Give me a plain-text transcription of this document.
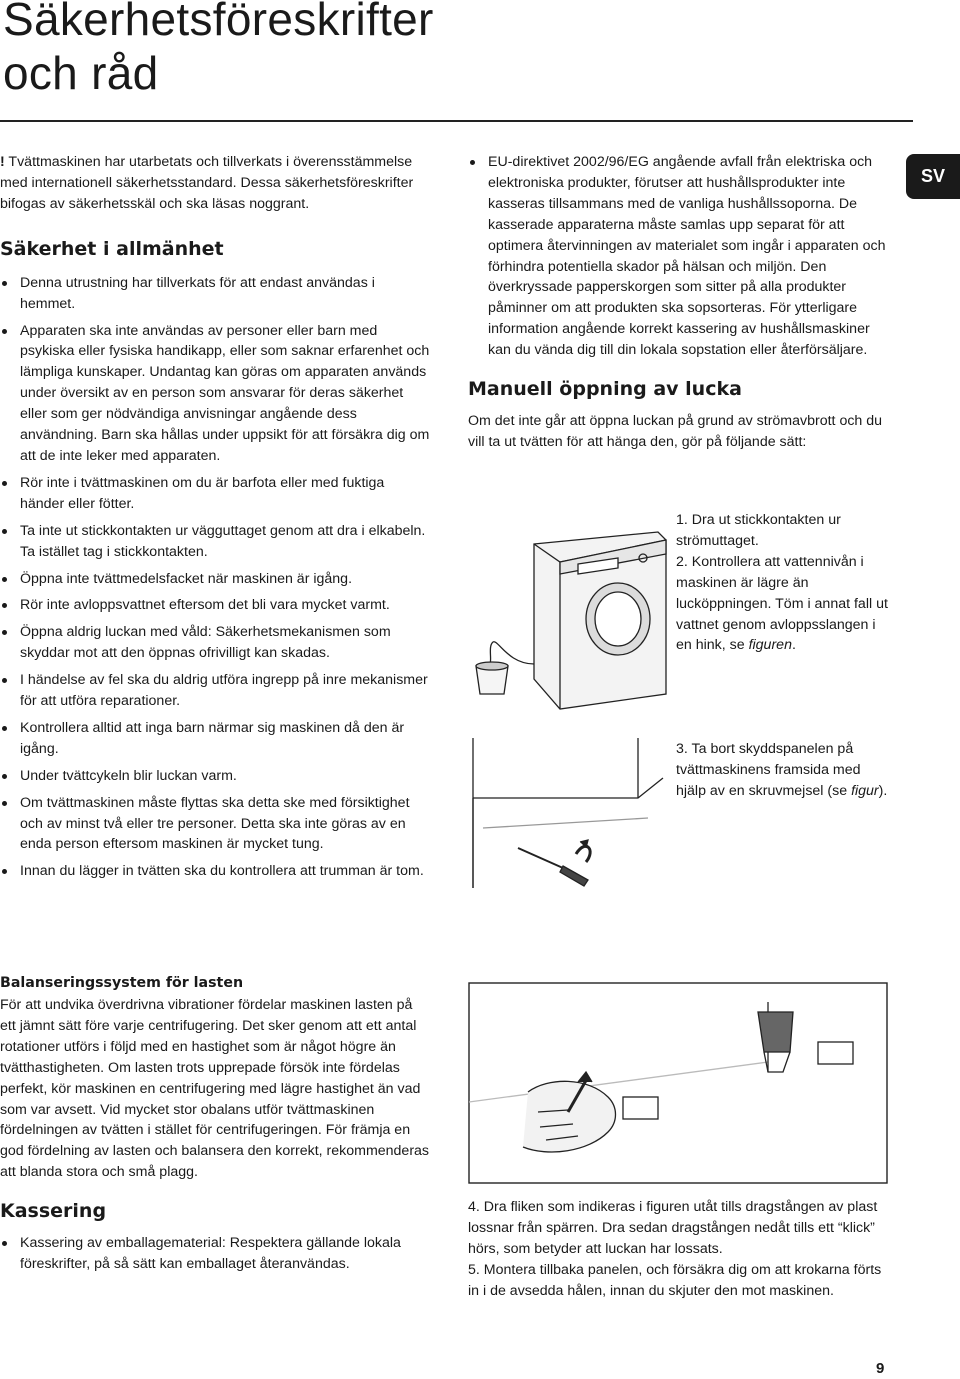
Säkerhetsföreskrifter
och råd
SV

! Tvättmaskinen har utarbetats och tillverkats i överensstämmelse med internationell säkerhetsstandard. Dessa säkerhetsföreskrifter bifogas av säkerhetsskäl och ska läsas noggrant.

Säkerhet i allmänhet
Denna utrustning har tillverkats för att endast användas i hemmet.
Apparaten ska inte användas av personer eller barn med psykiska eller fysiska handikapp, eller som saknar erfarenhet och lämpliga kunskaper. Undantag kan göras om apparaten används under översikt av en person som ansvarar för deras säkerhet eller som ger nödvändiga anvisningar angående dess användning. Barn ska hållas under uppsikt för att försäkra dig om att de inte leker med apparaten.
Rör inte i tvättmaskinen om du är barfota eller med fuktiga händer eller fötter.
Ta inte ut stickkontakten ur vägguttaget genom att dra i elkabeln. Ta istället tag i stickkontakten.
Öppna inte tvättmedelsfacket när maskinen är igång.
Rör inte avloppsvattnet eftersom det bli vara mycket varmt.
Öppna aldrig luckan med våld: Säkerhetsmekanismen som skyddar mot att den öppnas ofrivilligt kan skadas.
I händelse av fel ska du aldrig utföra ingrepp på inre mekanismer för att utföra reparationer.
Kontrollera alltid att inga barn närmar sig maskinen då den är igång.
Under tvättcykeln blir luckan varm.
Om tvättmaskinen måste flyttas ska detta ske med försiktighet och av minst två eller tre personer. Detta ska inte göras av en enda person eftersom maskinen är mycket tung.
Innan du lägger in tvätten ska du kontrollera att trumman är tom.
Balanseringssystem för lasten

För att undvika överdrivna vibrationer fördelar maskinen lasten på ett jämnt sätt före varje centrifugering. Det sker genom att ett antal rotationer utförs i följd med en hastighet som är något högre än tvätthastigheten. Om lasten trots upprepade försök inte fördelas perfekt, kör maskinen en centrifugering med lägre hastighet än vad som var avsett. Vid mycket stor obalans utför tvättmaskinen fördelningen av tvätten i stället för centrifugeringen. För främja en god fördelning av lasten och balansera den korrekt, rekommenderas att blanda stora och små plagg.

Kassering
Kassering av emballagematerial: Respektera gällande lokala föreskrifter, på så sätt kan emballaget återanvändas.
EU-direktivet 2002/96/EG angående avfall från elektriska och elektroniska produkter, förutser att hushållsprodukter inte kasseras tillsammans med de vanliga hushållssoporna. De kasserade apparaterna måste samlas upp separat för att optimera återvinningen av materialet som ingår i apparaten och förhindra potentiella skador på hälsan och miljön. Den överkryssade papperskorgen som sitter på alla produkter påminner om att produkten ska sopsorteras. För ytterligare information angående korrekt kassering av hushållsmaskiner kan du vända dig till din lokala sopstation eller återförsäljare.
Manuell öppning av lucka

Om det inte går att öppna luckan på grund av strömavbrott och du vill ta ut tvätten för att hänga den, gör på följande sätt:

1. Dra ut stickkontakten ur strömuttaget.

2. Kontrollera att vattennivån i maskinen är lägre än lucköppningen. Töm i annat fall ut vattnet genom avloppsslangen i en hink, se figuren.

3. Ta bort skyddspanelen på tvättmaskinens framsida med hjälp av en skruvmejsel (se figur).

4. Dra fliken som indikeras i figuren utåt tills dragstången av plast lossnar från spärren. Dra sedan dragstången nedåt tills ett “klick” hörs, som betyder att luckan har lossats.

5. Montera tillbaka panelen, och försäkra dig om att krokarna förts in i de avsedda hålen, innan du skjuter den mot maskinen.

9
